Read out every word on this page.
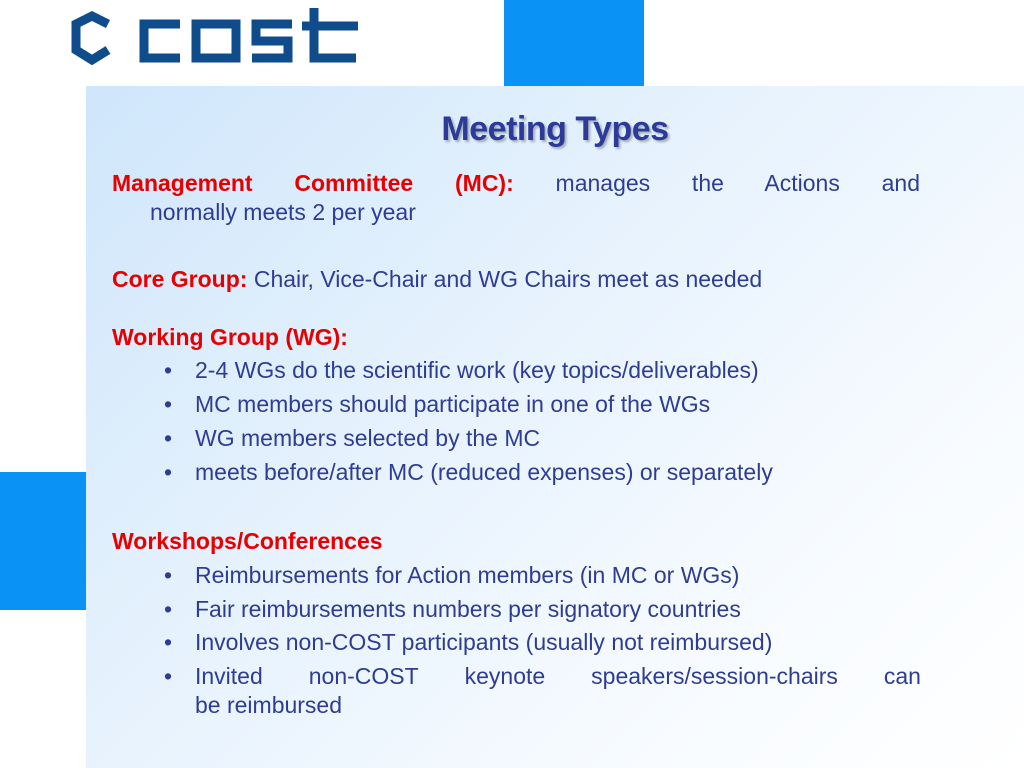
Meeting Types
Management Committee (MC): manages the Actions and
normally meets 2 per year
Core Group: Chair, Vice-Chair and WG Chairs meet as needed
Working Group (WG):
• 2-4 WGs do the scientific work (key topics/deliverables)
• MC members should participate in one of the WGs
• WG members selected by the MC
• meets before/after MC (reduced expenses) or separately
Workshops/Conferences
• Reimbursements for Action members (in MC or WGs)
• Fair reimbursements numbers per signatory countries
• Involves non-COST participants (usually not reimbursed)
• Invited non-COST keynote speakers/session-chairs can
be reimbursed
